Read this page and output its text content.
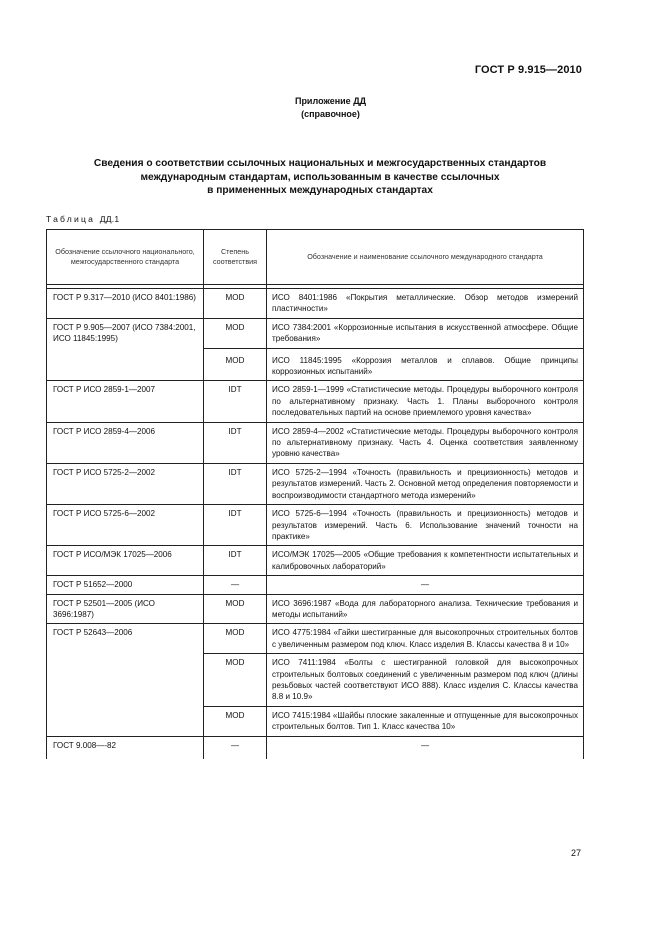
ГОСТ Р 9.915—2010
Приложение ДД
(справочное)
Сведения о соответствии ссылочных национальных и межгосударственных стандартов
международным стандартам, использованным в качестве ссылочных
в примененных международных стандартах
Таблица ДД.1
Обозначение ссылочного национального, межгосударственного стандарта	Степень соответствия	Обозначение и наименование ссылочного международного стандарта

ГОСТ Р 9.317—2010 (ИСО 8401:1986)	MOD	ИСО 8401:1986 «Покрытия металлические. Обзор методов измерений пластичности»
ГОСТ Р 9.905—2007 (ИСО 7384:2001, ИСО 11845:1995)	MOD	ИСО 7384:2001 «Коррозионные испытания в искусственной атмосфере. Общие требования»
	MOD	ИСО 11845:1995 «Коррозия металлов и сплавов. Общие принципы коррозионных испытаний»
ГОСТ Р ИСО 2859-1—2007	IDT	ИСО 2859-1—1999 «Статистические методы. Процедуры выборочного контроля по альтернативному признаку. Часть 1. Планы выборочного контроля последовательных партий на основе приемлемого уровня качества»
ГОСТ Р ИСО 2859-4—2006	IDT	ИСО 2859-4—2002 «Статистические методы. Процедуры выборочного контроля по альтернативному признаку. Часть 4. Оценка соответствия заявленному уровню качества»
ГОСТ Р ИСО 5725-2—2002	IDT	ИСО 5725-2—1994 «Точность (правильность и прецизионность) методов и результатов измерений. Часть 2. Основной метод определения повторяемости и воспроизводимости стандартного метода измерений»
ГОСТ Р ИСО 5725-6—2002	IDT	ИСО 5725-6—1994 «Точность (правильность и прецизионность) методов и результатов измерений. Часть 6. Использование значений точности на практике»
ГОСТ Р ИСО/МЭК 17025—2006	IDT	ИСО/МЭК 17025—2005 «Общие требования к компетентности испытательных и калибровочных лабораторий»
ГОСТ Р 51652—2000	—	—
ГОСТ Р 52501—2005 (ИСО 3696:1987)	MOD	ИСО 3696:1987 «Вода для лабораторного анализа. Технические требования и методы испытаний»
ГОСТ Р 52643—2006	MOD	ИСО 4775:1984 «Гайки шестигранные для высокопрочных строительных болтов с увеличенным размером под ключ. Класс изделия В. Классы качества 8 и 10»
	MOD	ИСО 7411:1984 «Болты с шестигранной головкой для высокопрочных строительных болтовых соединений с увеличенным размером под ключ (длины резьбовых частей соответствуют ИСО 888). Класс изделия С. Классы качества 8.8 и 10.9»
	MOD	ИСО 7415:1984 «Шайбы плоские закаленные и отпущенные для высокопрочных строительных болтов. Тип 1. Класс качества 10»
ГОСТ 9.008—-82	—	—
27
